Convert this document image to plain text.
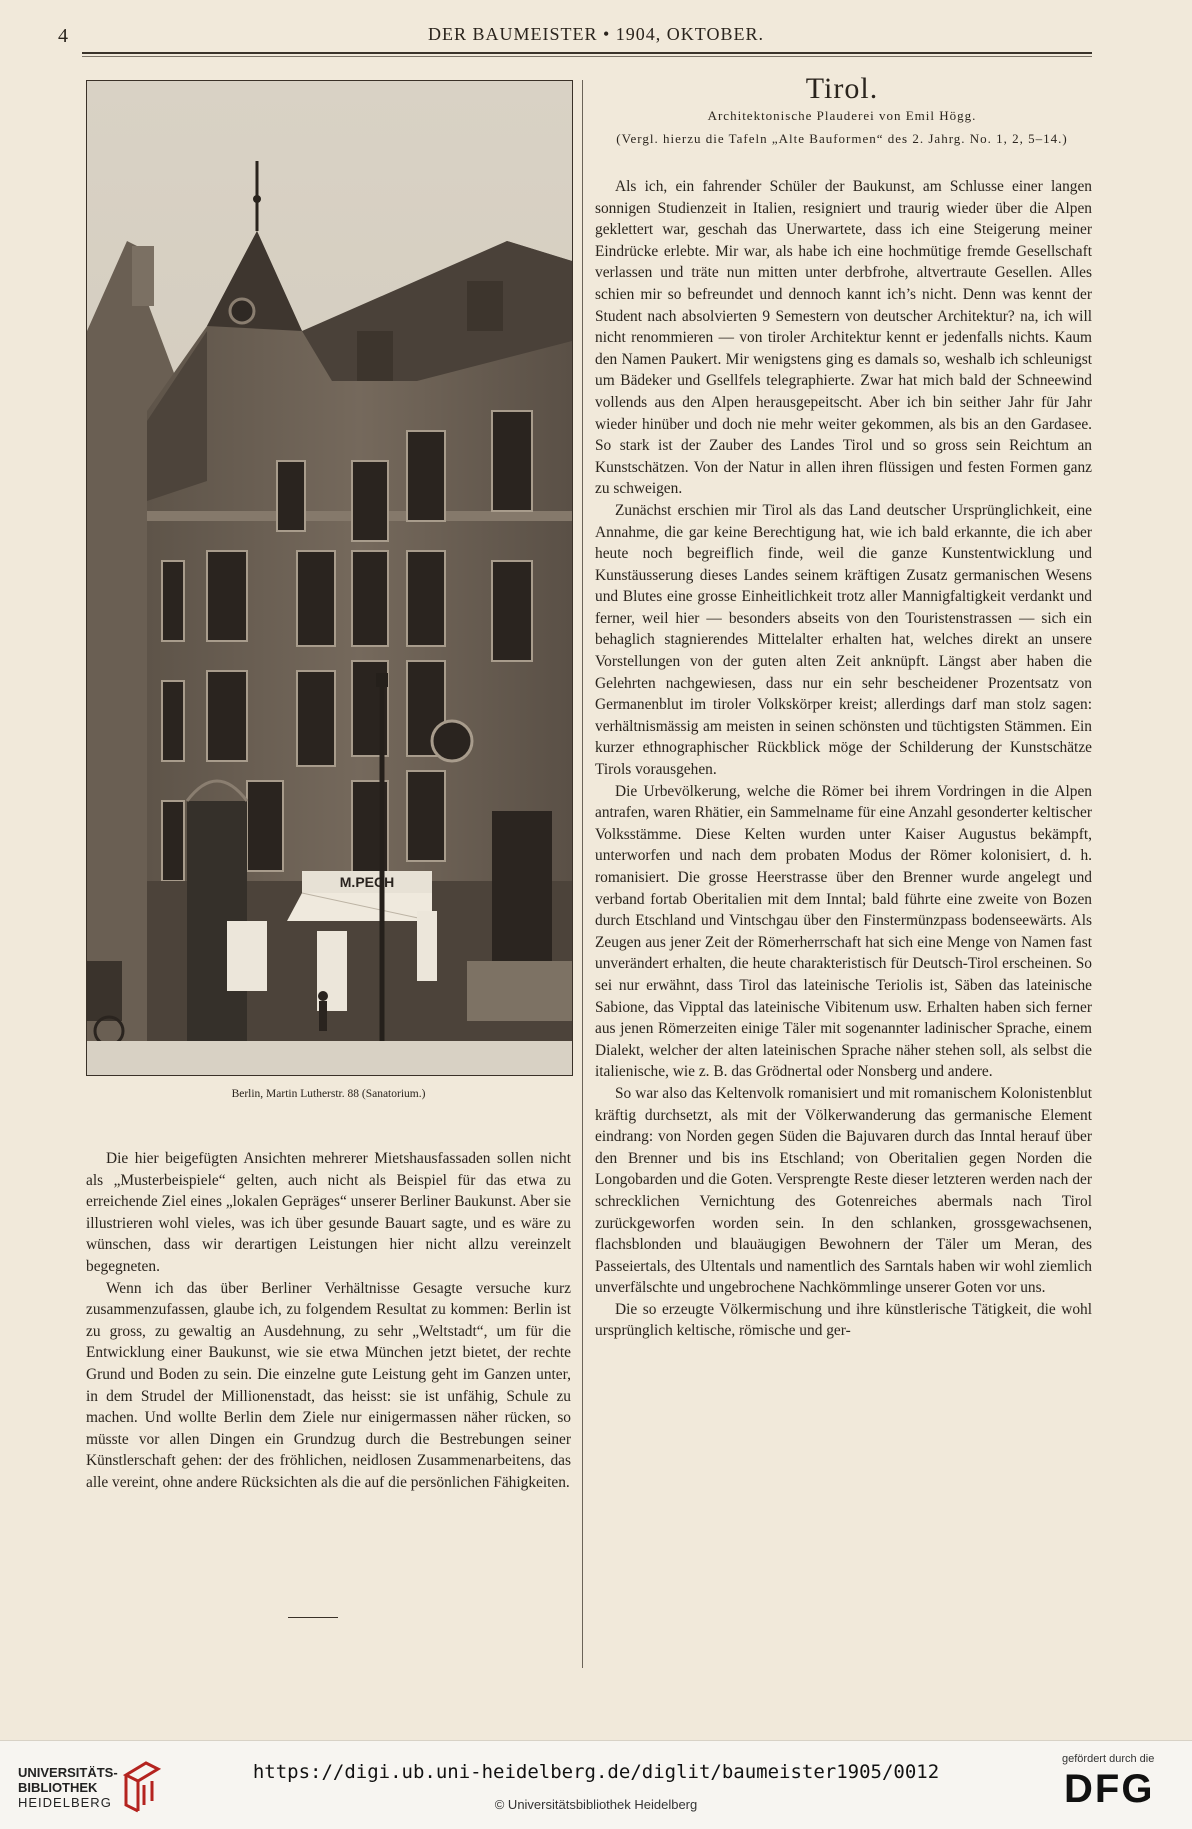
4	DER BAUMEISTER • 1904, OKTOBER.
M.PECH
Berlin, Martin Lutherstr. 88 (Sanatorium.)
Tirol.
Architektonische Plauderei von Emil Högg.
(Vergl. hierzu die Tafeln „Alte Bauformen“ des 2. Jahrg. No. 1, 2, 5–14.)

Als ich, ein fahrender Schüler der Baukunst, am Schlusse einer langen sonnigen Studienzeit in Italien, resigniert und traurig wieder über die Alpen geklettert war, geschah das Unerwartete, dass ich eine Steigerung meiner Eindrücke erlebte. Mir war, als habe ich eine hochmütige fremde Gesellschaft verlassen und träte nun mitten unter derbfrohe, altvertraute Gesellen. Alles schien mir so befreundet und dennoch kannt ich’s nicht. Denn was kennt der Student nach absolvierten 9 Semestern von deutscher Architektur? na, ich will nicht renommieren — von tiroler Architektur kennt er jedenfalls nichts. Kaum den Namen Paukert. Mir wenigstens ging es damals so, weshalb ich schleunigst um Bädeker und Gsellfels telegraphierte. Zwar hat mich bald der Schneewind vollends aus den Alpen herausgepeitscht. Aber ich bin seither Jahr für Jahr wieder hinüber und doch nie mehr weiter gekommen, als bis an den Gardasee. So stark ist der Zauber des Landes Tirol und so gross sein Reichtum an Kunstschätzen. Von der Natur in allen ihren flüssigen und festen Formen ganz zu schweigen.

Zunächst erschien mir Tirol als das Land deutscher Ursprünglichkeit, eine Annahme, die gar keine Berechtigung hat, wie ich bald erkannte, die ich aber heute noch begreiflich finde, weil die ganze Kunstentwicklung und Kunstäusserung dieses Landes seinem kräftigen Zusatz germanischen Wesens und Blutes eine grosse Einheitlichkeit trotz aller Mannigfaltigkeit verdankt und ferner, weil hier — besonders abseits von den Touristenstrassen — sich ein behaglich stagnierendes Mittelalter erhalten hat, welches direkt an unsere Vorstellungen von der guten alten Zeit anknüpft. Längst aber haben die Gelehrten nachgewiesen, dass nur ein sehr bescheidener Prozentsatz von Germanenblut im tiroler Volkskörper kreist; allerdings darf man stolz sagen: verhältnismässig am meisten in seinen schönsten und tüchtigsten Stämmen. Ein kurzer ethnographischer Rückblick möge der Schilderung der Kunstschätze Tirols vorausgehen.

Die Urbevölkerung, welche die Römer bei ihrem Vordringen in die Alpen antrafen, waren Rhätier, ein Sammelname für eine Anzahl gesonderter keltischer Volksstämme. Diese Kelten wurden unter Kaiser Augustus bekämpft, unterworfen und nach dem probaten Modus der Römer kolonisiert, d. h. romanisiert. Die grosse Heerstrasse über den Brenner wurde angelegt und verband fortab Oberitalien mit dem Inntal; bald führte eine zweite von Bozen durch Etschland und Vintschgau über den Finstermünzpass bodenseewärts. Als Zeugen aus jener Zeit der Römerherrschaft hat sich eine Menge von Namen fast unverändert erhalten, die heute charakteristisch für Deutsch-Tirol erscheinen. So sei nur erwähnt, dass Tirol das lateinische Teriolis ist, Säben das lateinische Sabione, das Vipptal das lateinische Vibitenum usw. Erhalten haben sich ferner aus jenen Römerzeiten einige Täler mit sogenannter ladinischer Sprache, einem Dialekt, welcher der alten lateinischen Sprache näher stehen soll, als selbst die italienische, wie z. B. das Grödnertal oder Nonsberg und andere.

So war also das Keltenvolk romanisiert und mit romanischem Kolonistenblut kräftig durchsetzt, als mit der Völkerwanderung das germanische Element eindrang: von Norden gegen Süden die Bajuvaren durch das Inntal herauf über den Brenner und bis ins Etschland; von Oberitalien gegen Norden die Longobarden und die Goten. Versprengte Reste dieser letzteren werden nach der schrecklichen Vernichtung des Gotenreiches abermals nach Tirol zurückgeworfen worden sein. In den schlanken, grossgewachsenen, flachsblonden und blauäugigen Bewohnern der Täler um Meran, des Passeiertals, des Ultentals und namentlich des Sarntals haben wir wohl ziemlich unverfälschte und ungebrochene Nachkömmlinge unserer Goten vor uns.

Die so erzeugte Völkermischung und ihre künstlerische Tätigkeit, die wohl ursprünglich keltische, römische und ger-

Die hier beigefügten Ansichten mehrerer Mietshausfassaden sollen nicht als „Musterbeispiele“ gelten, auch nicht als Beispiel für das etwa zu erreichende Ziel eines „lokalen Gepräges“ unserer Berliner Baukunst. Aber sie illustrieren wohl vieles, was ich über gesunde Bauart sagte, und es wäre zu wünschen, dass wir derartigen Leistungen hier nicht allzu vereinzelt begegneten.

Wenn ich das über Berliner Verhältnisse Gesagte versuche kurz zusammenzufassen, glaube ich, zu folgendem Resultat zu kommen: Berlin ist zu gross, zu gewaltig an Ausdehnung, zu sehr „Weltstadt“, um für die Entwicklung einer Baukunst, wie sie etwa München jetzt bietet, der rechte Grund und Boden zu sein. Die einzelne gute Leistung geht im Ganzen unter, in dem Strudel der Millionenstadt, das heisst: sie ist unfähig, Schule zu machen. Und wollte Berlin dem Ziele nur einigermassen näher rücken, so müsste vor allen Dingen ein Grundzug durch die Bestrebungen seiner Künstlerschaft gehen: der des fröhlichen, neidlosen Zusammenarbeitens, das alle vereint, ohne andere Rücksichten als die auf die persönlichen Fähigkeiten.

UNIVERSITÄTS-
BIBLIOTHEK
HEIDELBERG
https://digi.ub.uni-heidelberg.de/diglit/baumeister1905/0012
© Universitätsbibliothek Heidelberg
gefördert durch die
DFG
